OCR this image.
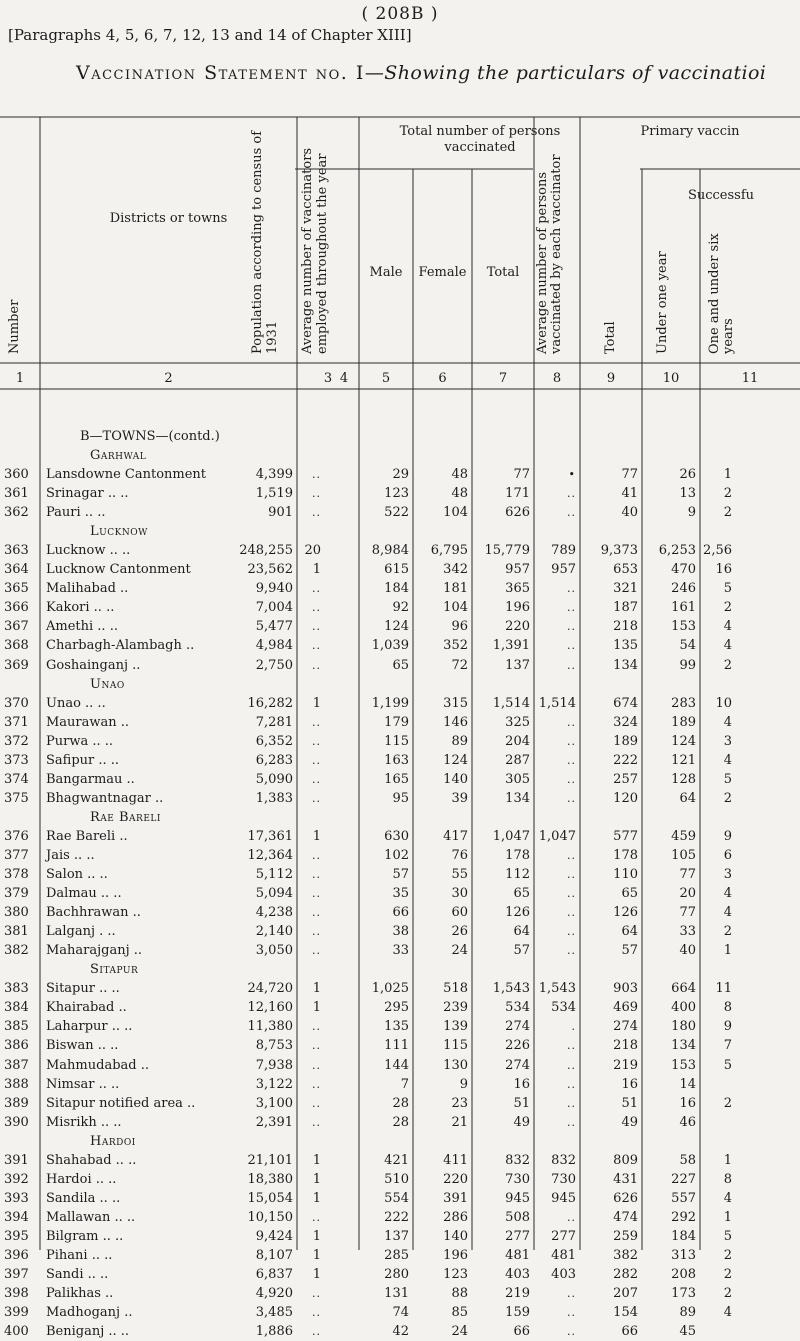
( 208B )
[Paragraphs 4, 5, 6, 7, 12, 13 and 14 of Chapter XIII]
Vaccination Statement no. I—Showing the particulars of vaccinatioi
Number
Districts or towns	Population according to census of 1931 Average number of vaccinators employed throughout the year
Total number of persons vaccinated
Male	Female	Total	Average number of persons vaccinated by each vaccinator
Primary vaccin
Successfu
Total	Under one year	One and under six years
1	2	3 4	5	6	7	8	9	10	11

	B—TOWNS—(contd.)										
	Garhwal										
360	Lansdowne Cantonment	4,399	..		29	48	77	•	77	26	1
361	Srinagar .. ..	1,519	..		123	48	171	..	41	13	2
362	Pauri .. ..	901	..		522	104	626	..	40	9	2
	Lucknow										
363	Lucknow .. ..	248,255	20		8,984	6,795	15,779	789	9,373	6,253	2,56
364	Lucknow Cantonment	23,562	1		615	342	957	957	653	470	16
365	Malihabad ..	9,940	..		184	181	365	..	321	246	5
366	Kakori .. ..	7,004	..		92	104	196	..	187	161	2
367	Amethi .. ..	5,477	..		124	96	220	..	218	153	4
368	Charbagh-Alambagh ..	4,984	..		1,039	352	1,391	..	135	54	4
369	Goshainganj ..	2,750	..		65	72	137	..	134	99	2
	Unao										
370	Unao .. ..	16,282	1		1,199	315	1,514	1,514	674	283	10
371	Maurawan ..	7,281	..		179	146	325	..	324	189	4
372	Purwa .. ..	6,352	..		115	89	204	..	189	124	3
373	Safipur .. ..	6,283	..		163	124	287	..	222	121	4
374	Bangarmau ..	5,090	..		165	140	305	..	257	128	5
375	Bhagwantnagar ..	1,383	..		95	39	134	..	120	64	2
	Rae Bareli										
376	Rae Bareli ..	17,361	1		630	417	1,047	1,047	577	459	9
377	Jais .. ..	12,364	..		102	76	178	..	178	105	6
378	Salon .. ..	5,112	..		57	55	112	..	110	77	3
379	Dalmau .. ..	5,094	..		35	30	65	..	65	20	4
380	Bachhrawan ..	4,238	..		66	60	126	..	126	77	4
381	Lalganj . ..	2,140	..		38	26	64	..	64	33	2
382	Maharajganj ..	3,050	..		33	24	57	..	57	40	1
	Sitapur										
383	Sitapur .. ..	24,720	1		1,025	518	1,543	1,543	903	664	11
384	Khairabad ..	12,160	1		295	239	534	534	469	400	8
385	Laharpur .. ..	11,380	..		135	139	274	.	274	180	9
386	Biswan .. ..	8,753	..		111	115	226	..	218	134	7
387	Mahmudabad ..	7,938	..		144	130	274	..	219	153	5
388	Nimsar .. ..	3,122	..		7	9	16	..	16	14	
389	Sitapur notified area ..	3,100	..		28	23	51	..	51	16	2
390	Misrikh .. ..	2,391	..		28	21	49	..	49	46	
	Hardoi										
391	Shahabad .. ..	21,101	1		421	411	832	832	809	58	1
392	Hardoi .. ..	18,380	1		510	220	730	730	431	227	8
393	Sandila .. ..	15,054	1		554	391	945	945	626	557	4
394	Mallawan .. ..	10,150	..		222	286	508	..	474	292	1
395	Bilgram .. ..	9,424	1		137	140	277	277	259	184	5
396	Pihani .. ..	8,107	1		285	196	481	481	382	313	2
397	Sandi .. ..	6,837	1		280	123	403	403	282	208	2
398	Palikhas ..	4,920	..		131	88	219	..	207	173	2
399	Madhoganj ..	3,485	..		74	85	159	..	154	89	4
400	Beniganj .. ..	1,886	..		42	24	66	..	66	45	
